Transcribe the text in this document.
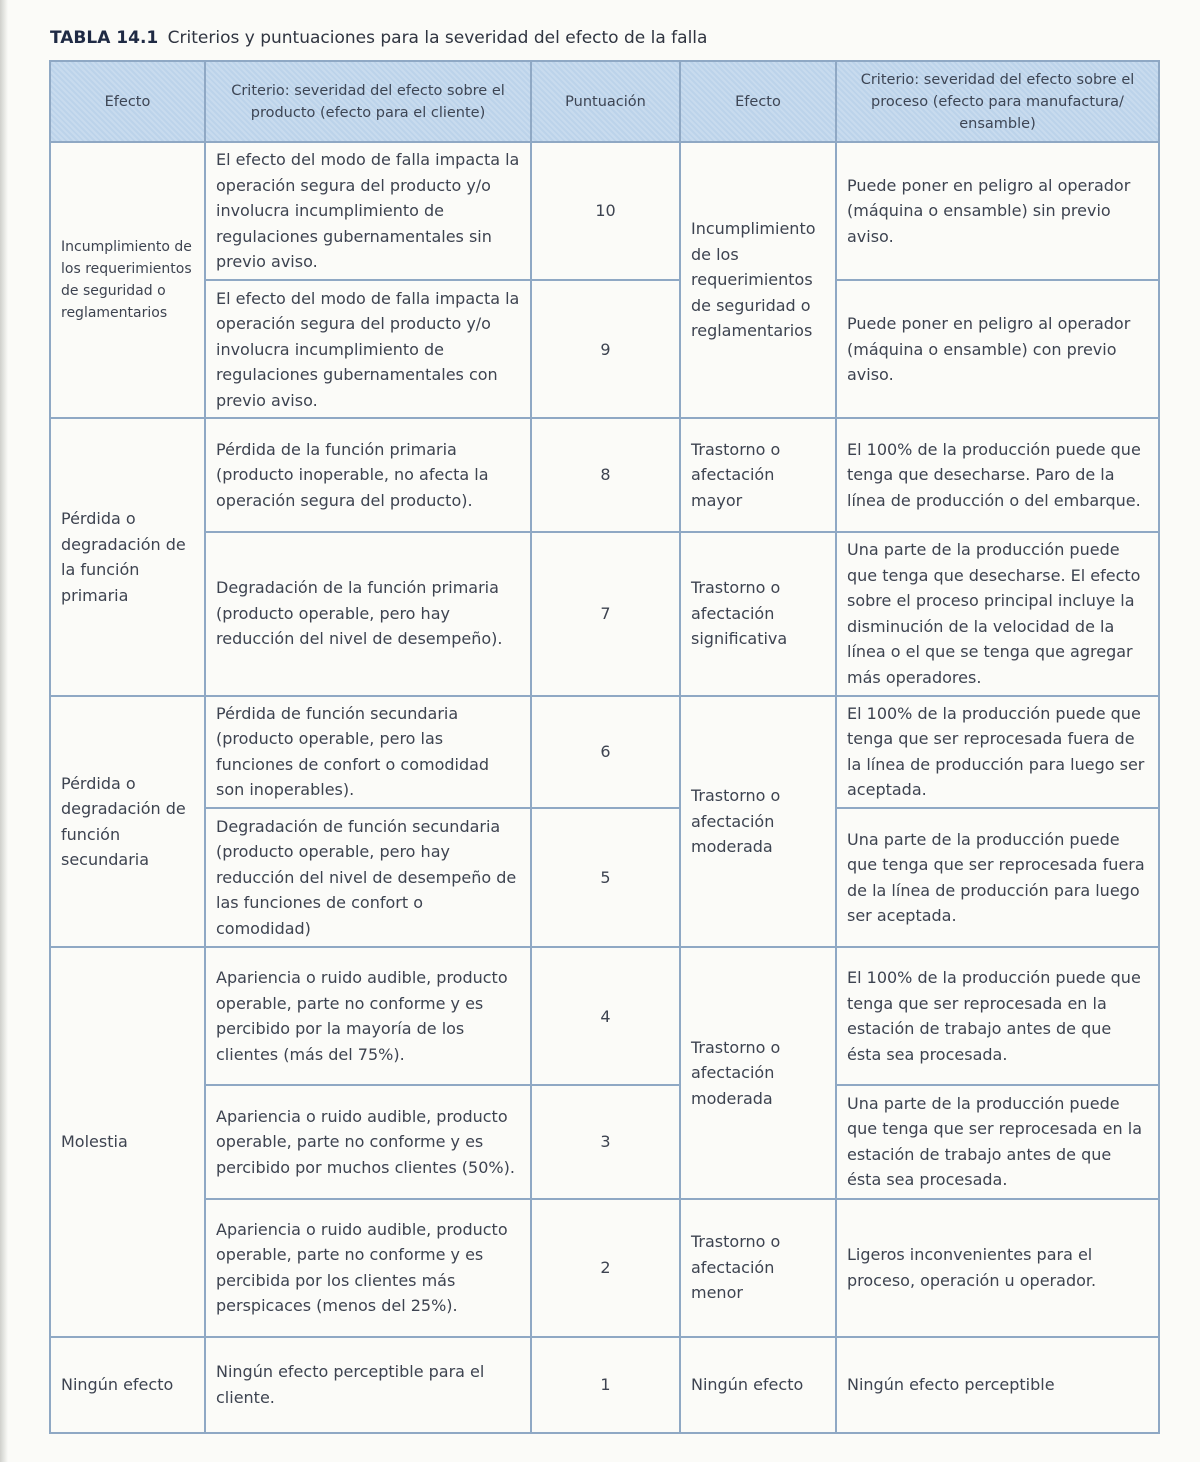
TABLA 14.1 Criterios y puntuaciones para la severidad del efecto de la falla
Efecto	Criterio: severidad del efecto sobre el producto (efecto para el cliente)	Puntuación	Efecto	Criterio: severidad del efecto sobre el proceso (efecto para manufactura/ ensamble)
Incumplimiento de los requerimientos de seguridad o reglamentarios	El efecto del modo de falla impacta la operación segura del producto y/o involucra incumplimiento de regulaciones gubernamentales sin previo aviso.	10	Incumplimiento de los requerimientos de seguridad o reglamentarios	Puede poner en peligro al operador (máquina o ensamble) sin previo aviso.
	El efecto del modo de falla impacta la operación segura del producto y/o involucra incumplimiento de regulaciones gubernamentales con previo aviso.	9		Puede poner en peligro al operador (máquina o ensamble) con previo aviso.
Pérdida o degradación de la función primaria	Pérdida de la función primaria (producto inoperable, no afecta la operación segura del producto).	8	Trastorno o afectación mayor	El 100% de la producción puede que tenga que desecharse. Paro de la línea de producción o del embarque.
	Degradación de la función primaria (producto operable, pero hay reducción del nivel de desempeño).	7	Trastorno o afectación significativa	Una parte de la producción puede que tenga que desecharse. El efecto sobre el proceso principal incluye la disminución de la velocidad de la línea o el que se tenga que agregar más operadores.
Pérdida o degradación de función secundaria	Pérdida de función secundaria (producto operable, pero las funciones de confort o comodidad son inoperables).	6	Trastorno o afectación moderada	El 100% de la producción puede que tenga que ser reprocesada fuera de la línea de producción para luego ser aceptada.
	Degradación de función secundaria (producto operable, pero hay reducción del nivel de desempeño de las funciones de confort o comodidad)	5		Una parte de la producción puede que tenga que ser reprocesada fuera de la línea de producción para luego ser aceptada.
Molestia	Apariencia o ruido audible, producto operable, parte no conforme y es percibido por la mayoría de los clientes (más del 75%).	4	Trastorno o afectación moderada	El 100% de la producción puede que tenga que ser reprocesada en la estación de trabajo antes de que ésta sea procesada.
	Apariencia o ruido audible, producto operable, parte no conforme y es percibido por muchos clientes (50%).	3		Una parte de la producción puede que tenga que ser reprocesada en la estación de trabajo antes de que ésta sea procesada.
	Apariencia o ruido audible, producto operable, parte no conforme y es percibida por los clientes más perspicaces (menos del 25%).	2	Trastorno o afectación menor	Ligeros inconvenientes para el proceso, operación u operador.
Ningún efecto	Ningún efecto perceptible para el cliente.	1	Ningún efecto	Ningún efecto perceptible
